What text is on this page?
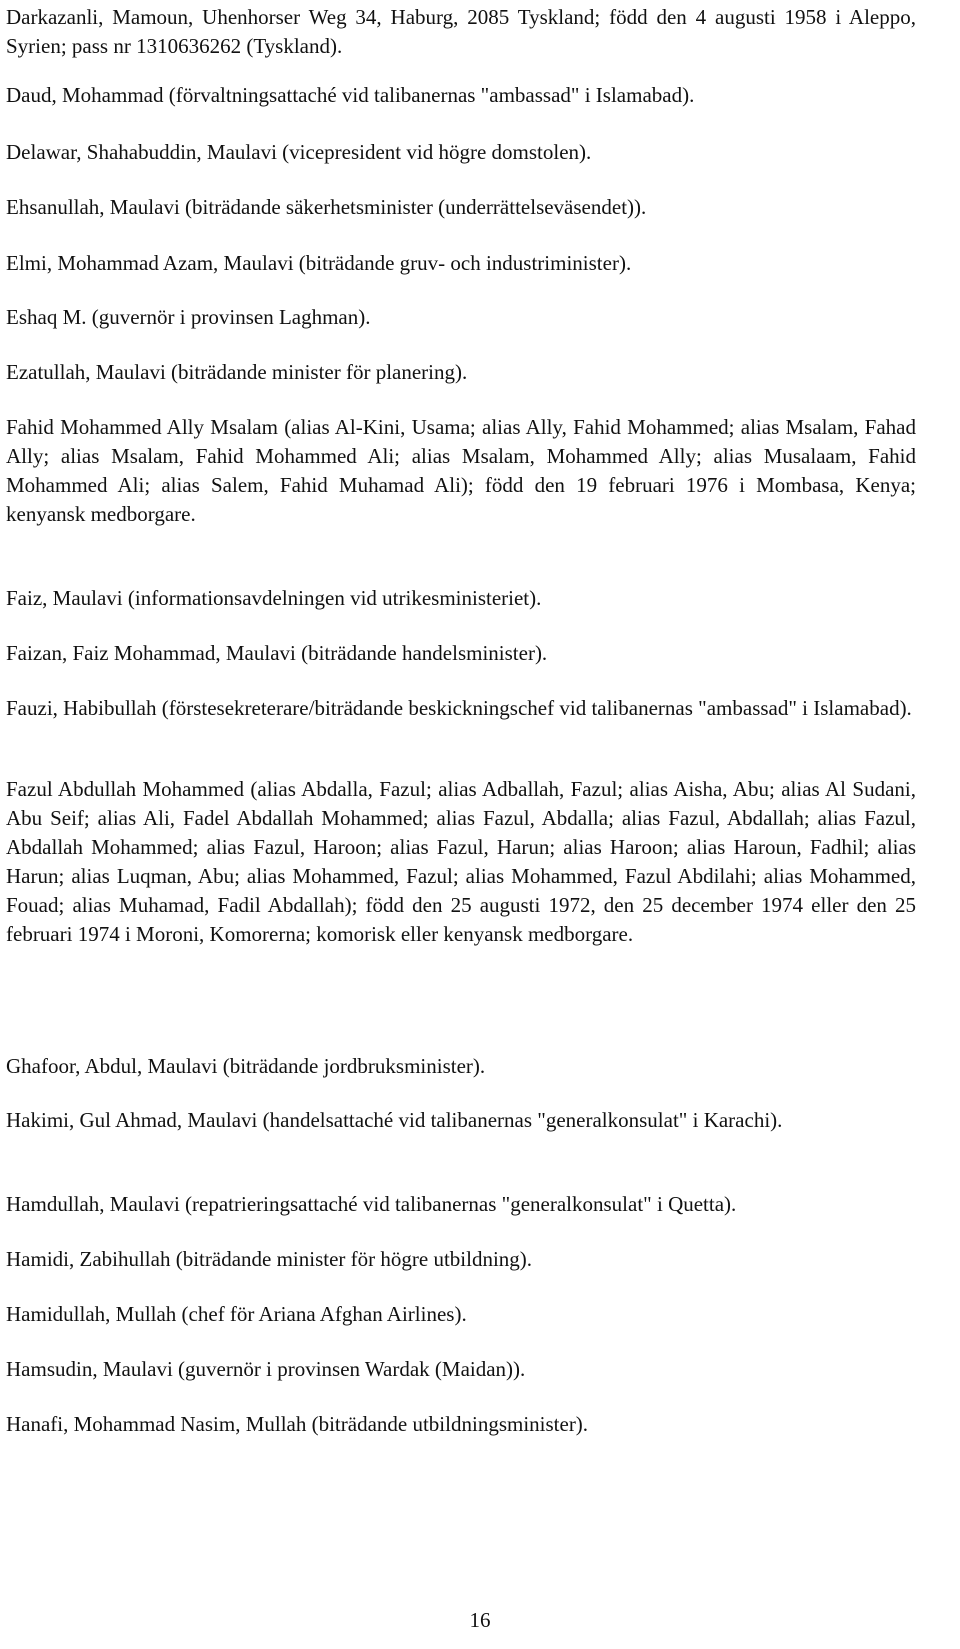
Darkazanli, Mamoun, Uhenhorser Weg 34, Haburg, 2085 Tyskland; född den 4 augusti 1958 i Aleppo, Syrien; pass nr 1310636262 (Tyskland).

Daud, Mohammad (förvaltningsattaché vid talibanernas "ambassad" i Islamabad).

Delawar, Shahabuddin, Maulavi (vicepresident vid högre domstolen).

Ehsanullah, Maulavi (biträdande säkerhetsminister (underrättelseväsendet)).

Elmi, Mohammad Azam, Maulavi (biträdande gruv- och industriminister).

Eshaq M. (guvernör i provinsen Laghman).

Ezatullah, Maulavi (biträdande minister för planering).

Fahid Mohammed Ally Msalam (alias Al-Kini, Usama; alias Ally, Fahid Mohammed; alias Msalam, Fahad Ally; alias Msalam, Fahid Mohammed Ali; alias Msalam, Mohammed Ally; alias Musalaam, Fahid Mohammed Ali; alias Salem, Fahid Muhamad Ali); född den 19 februari 1976 i Mombasa, Kenya; kenyansk medborgare.

Faiz, Maulavi (informationsavdelningen vid utrikesministeriet).

Faizan, Faiz Mohammad, Maulavi (biträdande handelsminister).

Fauzi, Habibullah (förstesekreterare/biträdande beskickningschef vid talibanernas "ambassad" i Islamabad).

Fazul Abdullah Mohammed (alias Abdalla, Fazul; alias Adballah, Fazul; alias Aisha, Abu; alias Al Sudani, Abu Seif; alias Ali, Fadel Abdallah Mohammed; alias Fazul, Abdalla; alias Fazul, Abdallah; alias Fazul, Abdallah Mohammed; alias Fazul, Haroon; alias Fazul, Harun; alias Haroon; alias Haroun, Fadhil; alias Harun; alias Luqman, Abu; alias Mohammed, Fazul; alias Mohammed, Fazul Abdilahi; alias Mohammed, Fouad; alias Muhamad, Fadil Abdallah); född den 25 augusti 1972, den 25 december 1974 eller den 25 februari 1974 i Moroni, Komorerna; komorisk eller kenyansk medborgare.

Ghafoor, Abdul, Maulavi (biträdande jordbruksminister).

Hakimi, Gul Ahmad, Maulavi (handelsattaché vid talibanernas "generalkonsulat" i Karachi).

Hamdullah, Maulavi (repatrieringsattaché vid talibanernas "generalkonsulat" i Quetta).

Hamidi, Zabihullah (biträdande minister för högre utbildning).

Hamidullah, Mullah (chef för Ariana Afghan Airlines).

Hamsudin, Maulavi (guvernör i provinsen Wardak (Maidan)).

Hanafi, Mohammad Nasim, Mullah (biträdande utbildningsminister).

16
